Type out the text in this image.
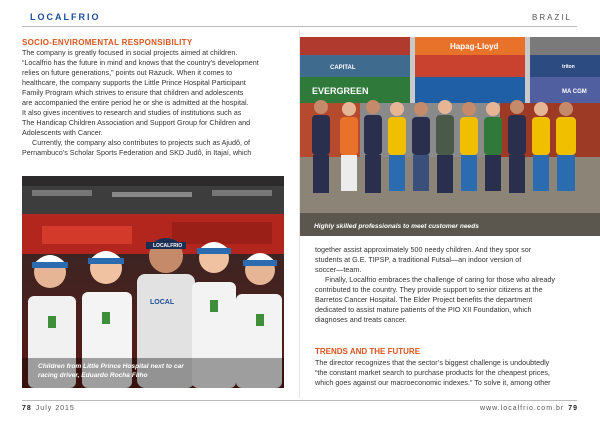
LOCALFRIO	BRAZIL
SOCIO-ENVIROMENTAL RESPONSIBILITY

The company is greatly focused in social projects aimed at children.

“Localfrio has the future in mind and knows that the country’s development

relies on future generations,” points out Razuck. When it comes to

healthcare, the company supports the Little Prince Hospital Participant

Family Program which strives to ensure that children and adolescents

are accompanied the entire period he or she is admitted at the hospital.

It also gives incentives to research and studies of institutions such as

The Handicap Children Association and Support Group for Children and

Adolescents with Cancer.

Currently, the company also contributes to projects such as Ajudô, of

Pernambuco’s Scholar Sports Federation and SKD Judô, in Itajaí, which

LOCALFRIO
LOCAL
Children from Little Prince Hospital next to car
racing driver, Eduardo Rocha Filho
Hapag-Lloyd
CAPITAL	triton
EVERGREEN	MA CGM
Highly skilled professionals to meet customer needs

together assist approximately 500 needy children. And they spor sor

students at G.E. TIPSP, a traditional Futsal—an indoor version of

soccer—team.

Finally, Localfrio embraces the challenge of caring for those who already

contributed to the country. They provide support to senior citizens at the

Barretos Cancer Hospital. The Elder Project benefits the department

dedicated to assist mature patients of the PIO XII Foundation, which

diagnoses and treats cancer.

TRENDS AND THE FUTURE

The director recognizes that the sector’s biggest challenge is undoubtedly

“the constant market search to purchase products for the cheapest prices,

which goes against our macroeconomic indexes.” To solve it, among other

78 July 2015	www.localfrio.com.br 79
